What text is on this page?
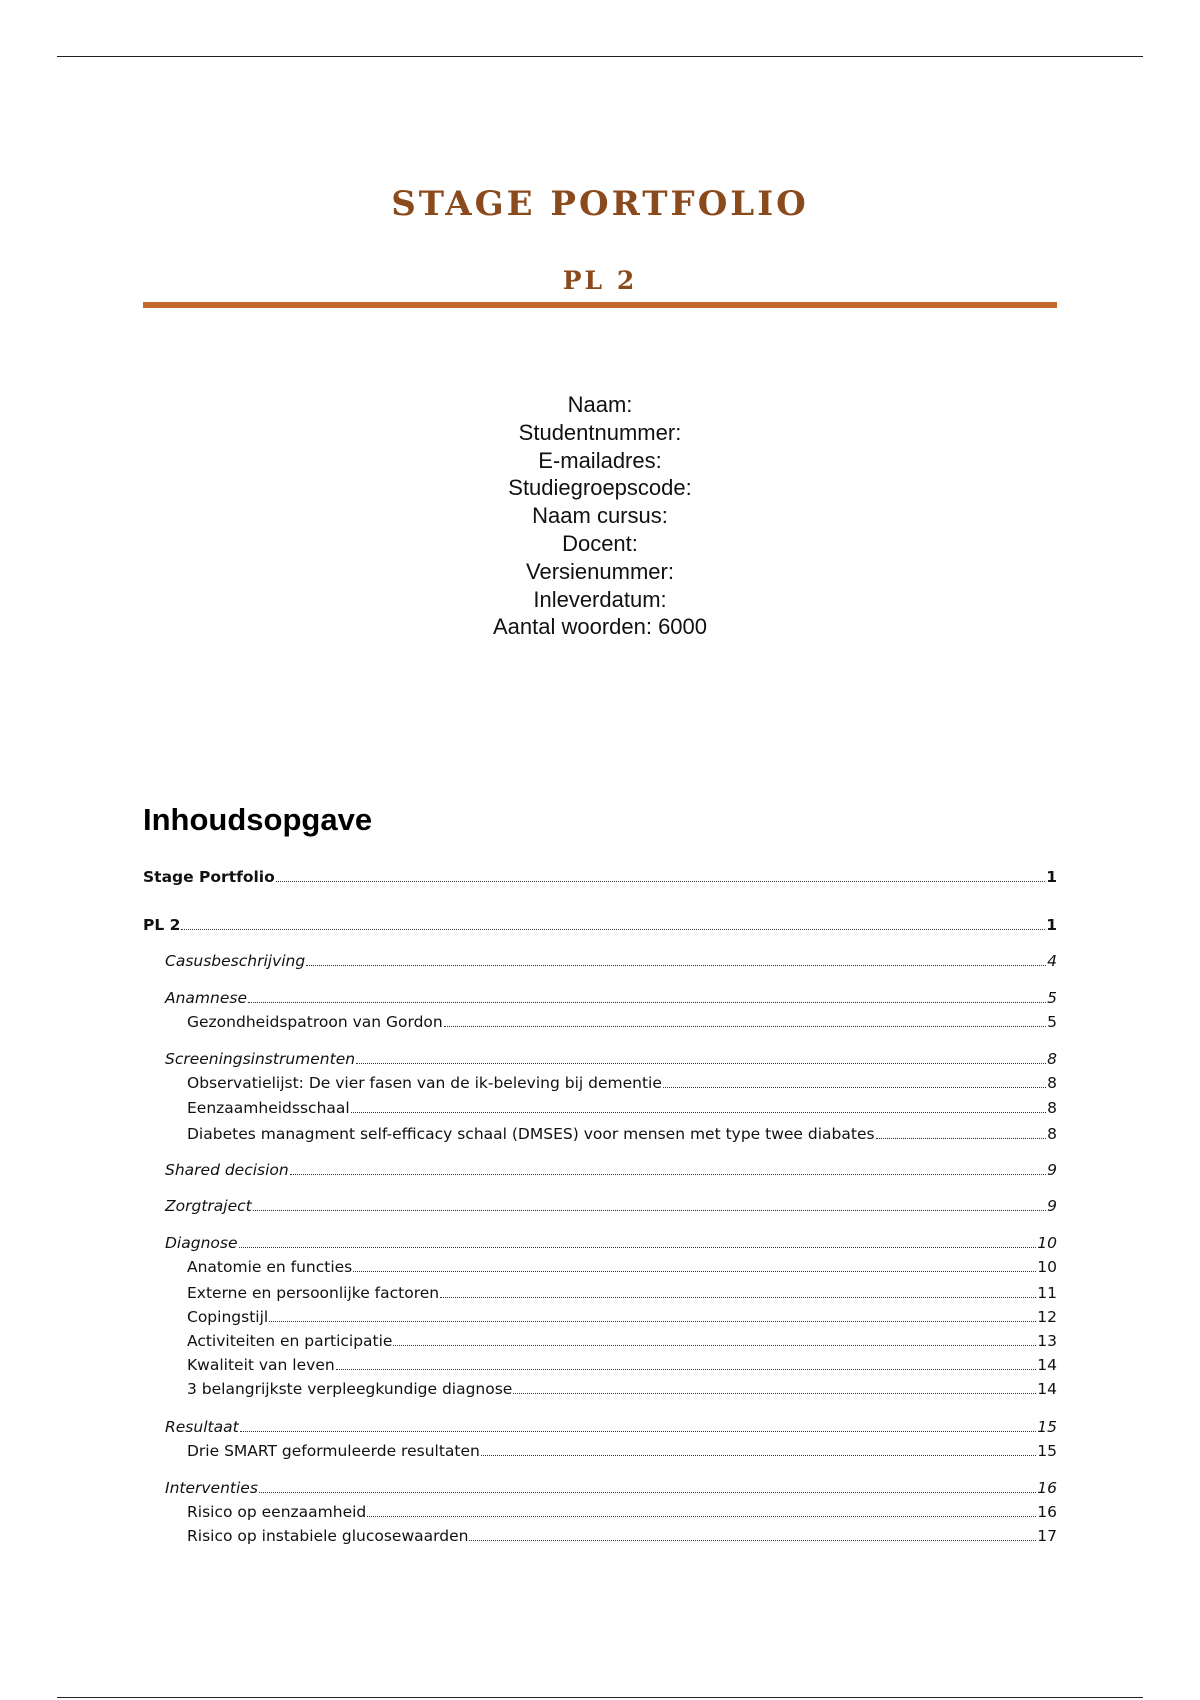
STAGE PORTFOLIO
PL 2
Naam:
Studentnummer:
E-mailadres:
Studiegroepscode:
Naam cursus:
Docent:
Versienummer:
Inleverdatum:
Aantal woorden: 6000
Inhoudsopgave
Stage Portfolio	1
PL 2	1
Casusbeschrijving	4
Anamnese	5
Gezondheidspatroon van Gordon	5
Screeningsinstrumenten	8
Observatielijst: De vier fasen van de ik-beleving bij dementie	8
Eenzaamheidsschaal	8
Diabetes managment self-efficacy schaal (DMSES) voor mensen met type twee diabates	8
Shared decision	9
Zorgtraject	9
Diagnose	10
Anatomie en functies	10
Externe en persoonlijke factoren	11
Copingstijl	12
Activiteiten en participatie	13
Kwaliteit van leven	14
3 belangrijkste verpleegkundige diagnose	14
Resultaat	15
Drie SMART geformuleerde resultaten	15
Interventies	16
Risico op eenzaamheid	16
Risico op instabiele glucosewaarden	17
